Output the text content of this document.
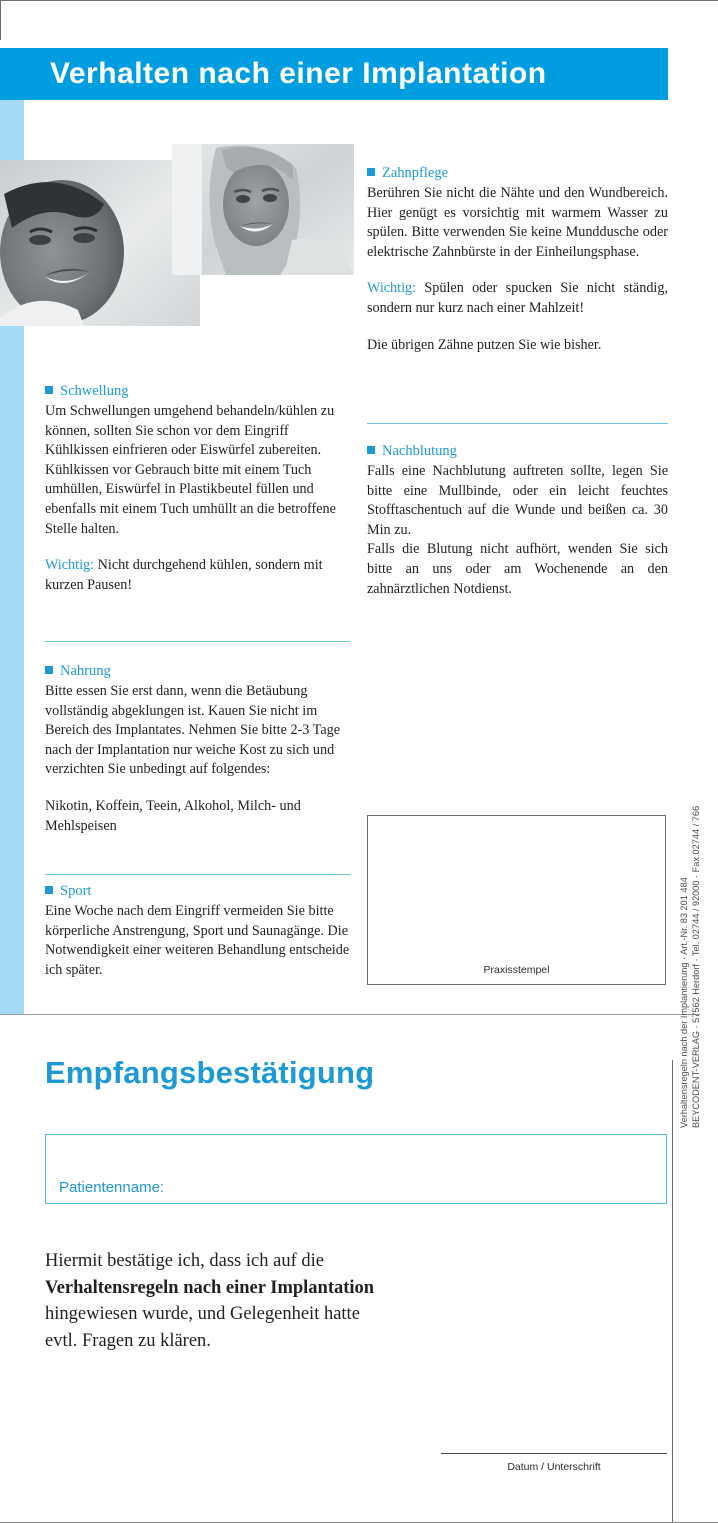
Verhalten nach einer Implantation
Schwellung

Um Schwellungen umgehend behandeln/kühlen zu können, sollten Sie schon vor dem Eingriff Kühlkissen einfrieren oder Eiswürfel zubereiten. Kühlkissen vor Gebrauch bitte mit einem Tuch umhüllen, Eiswürfel in Plastikbeutel füllen und ebenfalls mit einem Tuch umhüllt an die betroffene Stelle halten.

Wichtig: Nicht durchgehend kühlen, sondern mit kurzen Pausen!

Nahrung

Bitte essen Sie erst dann, wenn die Betäubung vollständig abgeklungen ist. Kauen Sie nicht im Bereich des Implantates. Nehmen Sie bitte 2-3 Tage nach der Implantation nur weiche Kost zu sich und verzichten Sie unbedingt auf folgendes:

Nikotin, Koffein, Teein, Alkohol, Milch- und Mehlspeisen

Sport

Eine Woche nach dem Eingriff vermeiden Sie bitte körperliche Anstrengung, Sport und Saunagänge. Die Notwendigkeit einer weiteren Behandlung entscheide ich später.

Zahnpflege

Berühren Sie nicht die Nähte und den Wundbereich. Hier genügt es vorsichtig mit warmem Wasser zu spülen. Bitte verwenden Sie keine Munddusche oder elektrische Zahnbürste in der Einheilungsphase.

Wichtig: Spülen oder spucken Sie nicht ständig, sondern nur kurz nach einer Mahlzeit!

Die übrigen Zähne putzen Sie wie bisher.

Nachblutung

Falls eine Nachblutung auftreten sollte, legen Sie bitte eine Mullbinde, oder ein leicht feuchtes Stofftaschentuch auf die Wunde und beißen ca. 30 Min zu.

Falls die Blutung nicht aufhört, wenden Sie sich bitte an uns oder am Wochenende an den zahnärztlichen Notdienst.

Praxisstempel
Empfangsbestätigung
Patientenname:
Hiermit bestätige ich, dass ich auf die
Verhaltensregeln nach einer Implantation
hingewiesen wurde, und Gelegenheit hatte
evtl. Fragen zu klären.
Datum / Unterschrift
Verhaltensregeln nach der Implantierung · Art.-Nr. 83 201 484 BEYCODENT-VERLAG · 57562 Herdorf · Tel. 02744 / 92000 · Fax 02744 / 766
